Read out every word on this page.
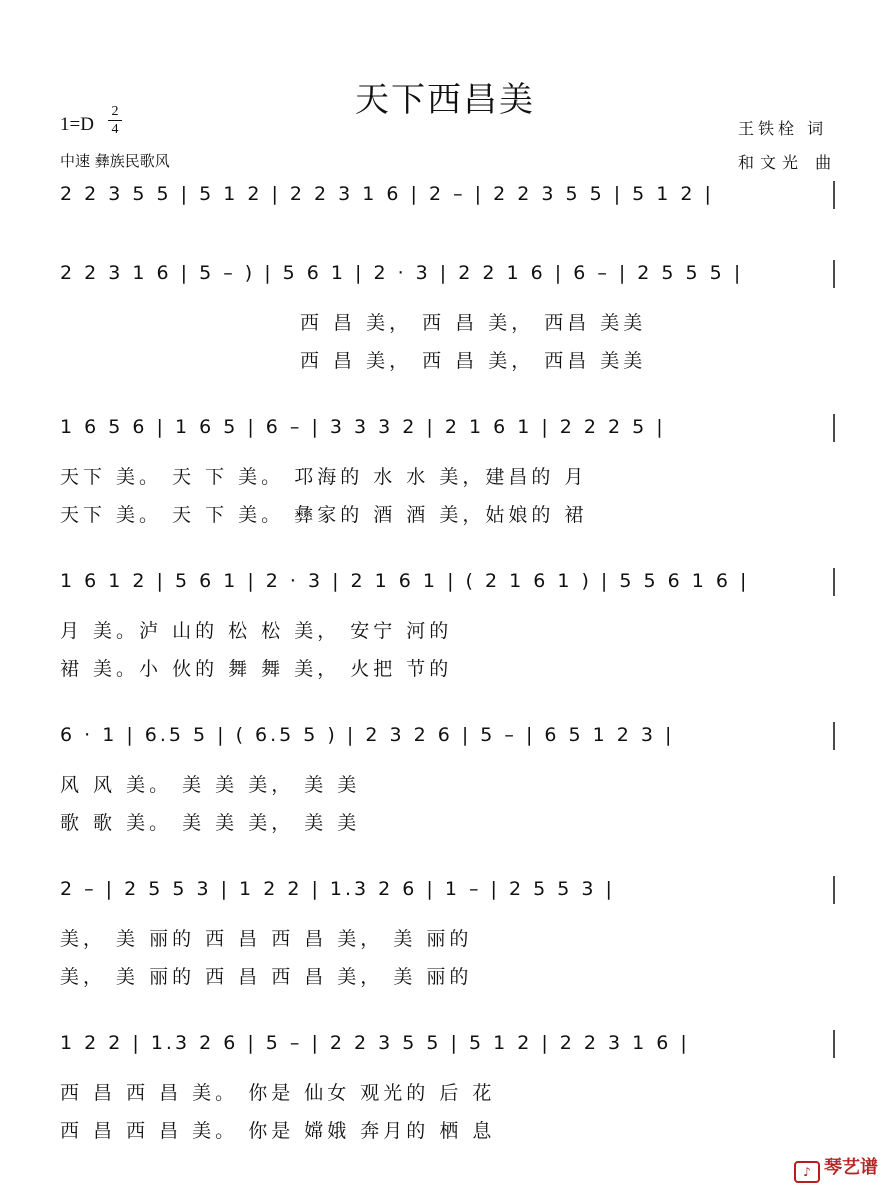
天下西昌美
1=D
2
4
中速 彝族民歌风
王铁栓 词
和文光 曲
2 2 3 5 5 | 5 1 2 | 2 2 3 1 6 | 2 – | 2 2 3 5 5 | 5 1 2 |
2 2 3 1 6 | 5 – ) | 5 6 1 | 2 · 3 | 2 2 1 6 | 6 – | 2 5 5 5 |
西 昌 美， 西 昌 美， 西昌 美美
西 昌 美， 西 昌 美， 西昌 美美
1 6 5 6 | 1 6 5 | 6 – | 3 3 3 2 | 2 1 6 1 | 2 2 2 5 |
天下 美。 天 下 美。 邛海的 水 水 美，建昌的 月
天下 美。 天 下 美。 彝家的 酒 酒 美，姑娘的 裙
1 6 1 2 | 5 6 1 | 2 · 3 | 2 1 6 1 | ( 2 1 6 1 ) | 5 5 6 1 6 |
月 美。泸 山的 松 松 美， 安宁 河的
裙 美。小 伙的 舞 舞 美， 火把 节的
6 · 1 | 6.5 5 | ( 6.5 5 ) | 2 3 2 6 | 5 – | 6 5 1 2 3 |
风 风 美。 美 美 美， 美 美
歌 歌 美。 美 美 美， 美 美
2 – | 2 5 5 3 | 1 2 2 | 1.3 2 6 | 1 – | 2 5 5 3 |
美， 美 丽的 西 昌 西 昌 美， 美 丽的
美， 美 丽的 西 昌 西 昌 美， 美 丽的
1 2 2 | 1.3 2 6 | 5 – | 2 2 3 5 5 | 5 1 2 | 2 2 3 1 6 |
西 昌 西 昌 美。 你是 仙女 观光的 后 花
西 昌 西 昌 美。 你是 嫦娥 奔月的 栖 息
♪ 琴艺谱
